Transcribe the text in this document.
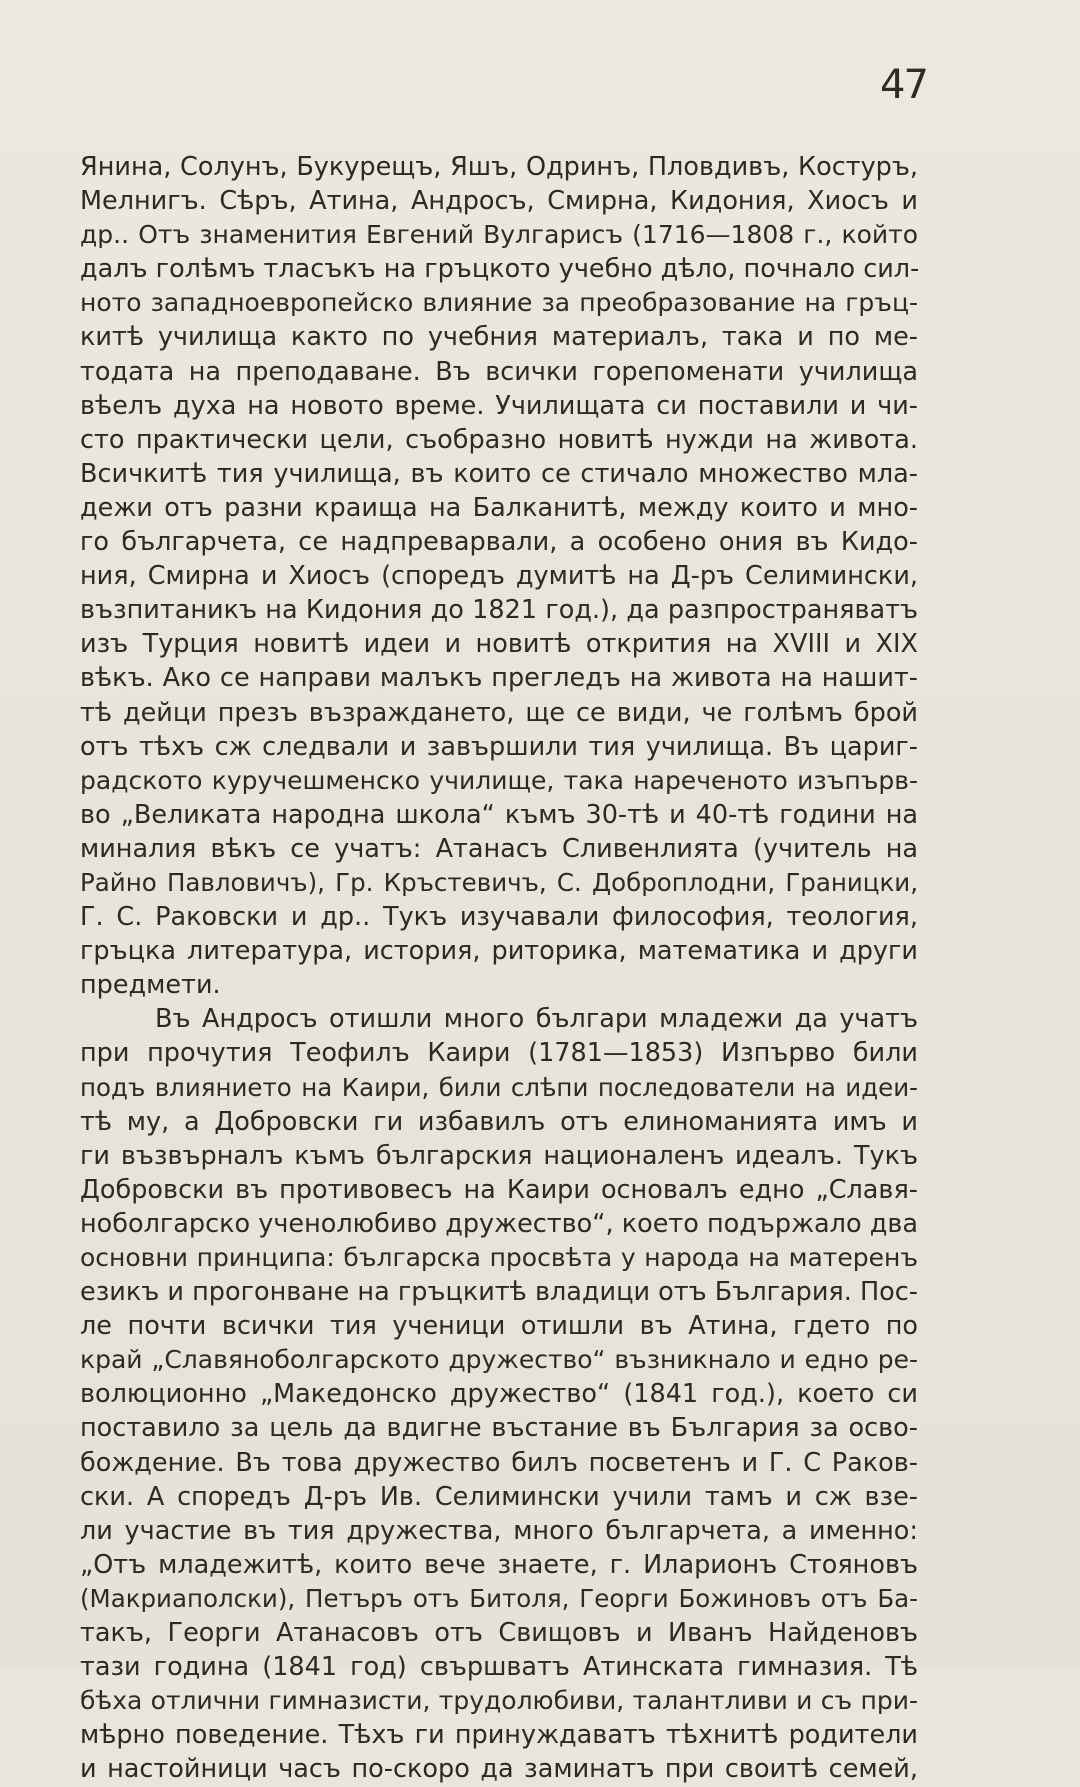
47
Янина, Солунъ, Букурещъ, Яшъ, Одринъ, Пловдивъ, Костуръ,
Мелнигъ. Сѣръ, Атина, Андросъ, Смирна, Кидония, Хиосъ и
др.. Отъ знаменития Евгений Вулгарисъ (1716—1808 г., който
далъ голѣмъ тласъкъ на гръцкото учебно дѣло, почнало сил-
ното западноевропейско влияние за преобразование на гръц-
китѣ училища както по учебния материалъ, така и по ме-
тодата на преподаване. Въ всички горепоменати училища
вѣелъ духа на новото време. Училищата си поставили и чи-
сто практически цели, съобразно новитѣ нужди на живота.
Всичкитѣ тия училища, въ които се стичало множество мла-
дежи отъ разни краища на Балканитѣ, между които и мно-
го българчета, се надпреварвали, а особено ония въ Кидо-
ния, Смирна и Хиосъ (споредъ думитѣ на Д-ръ Селимински,
възпитаникъ на Кидония до 1821 год.), да разпространяватъ
изъ Турция новитѣ идеи и новитѣ открития на XVIII и XIX
вѣкъ. Ако се направи малъкъ прегледъ на живота на нашит-
тѣ дейци презъ възраждането, ще се види, че голѣмъ брой
отъ тѣхъ сж следвали и завършили тия училища. Въ цариг-
радското куручешменско училище, така нареченото изъпърв-
во „Великата народна школа“ къмъ 30-тѣ и 40-тѣ години на
миналия вѣкъ се учатъ: Атанасъ Сливенлията (учитель на
Райно Павловичъ), Гр. Кръстевичъ, С. Доброплодни, Границки,
Г. С. Раковски и др.. Тукъ изучавали философия, теология,
гръцка литература, история, риторика, математика и други
предмети.
Въ Андросъ отишли много българи младежи да учатъ
при прочутия Теофилъ Каири (1781—1853) Изпърво били
подъ влиянието на Каири, били слѣпи последователи на идеи-
тѣ му, а Добровски ги избавилъ отъ елиноманията имъ и
ги възвърналъ къмъ българския националенъ идеалъ. Тукъ
Добровски въ противовесъ на Каири основалъ едно „Славя-
ноболгарско ученолюбиво дружество“, което подържало два
основни принципа: българска просвѣта у народа на матеренъ
езикъ и прогонване на гръцкитѣ владици отъ България. Пос-
ле почти всички тия ученици отишли въ Атина, гдето по
край „Славяноболгарското дружество“ възникнало и едно ре-
волюционно „Македонско дружество“ (1841 год.), което си
поставило за цель да вдигне въстание въ България за осво-
бождение. Въ това дружество билъ посветенъ и Г. С Раков-
ски. А споредъ Д-ръ Ив. Селимински учили тамъ и сж взе-
ли участие въ тия дружества, много българчета, а именно:
„Отъ младежитѣ, които вече знаете, г. Иларионъ Стояновъ
(Макриаполски), Петъръ отъ Битоля, Георги Божиновъ отъ Ба-
такъ, Георги Атанасовъ отъ Свищовъ и Иванъ Найденовъ
тази година (1841 год) свършватъ Атинската гимназия. Тѣ
бѣха отлични гимназисти, трудолюбиви, талантливи и съ при-
мѣрно поведение. Тѣхъ ги принуждаватъ тѣхнитѣ родители
и настойници часъ по-скоро да заминатъ при своитѣ семей,
